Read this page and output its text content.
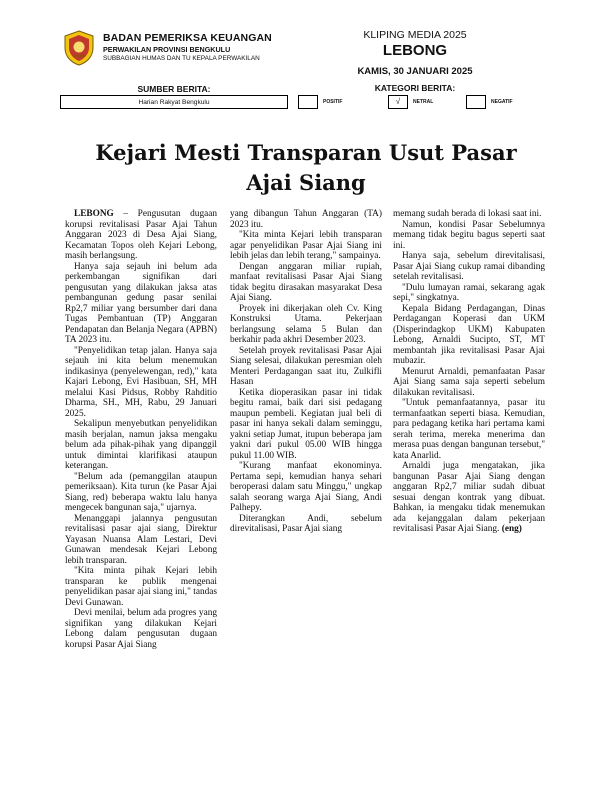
BADAN PEMERIKSA KEUANGAN
PERWAKILAN PROVINSI BENGKULU
SUBBAGIAN HUMAS DAN TU KEPALA PERWAKILAN
KLIPING MEDIA 2025
LEBONG
KAMIS, 30 JANUARI 2025
SUMBER BERITA:
Harian Rakyat Bengkulu
KATEGORI BERITA:
POSITIF	√	NETRAL	NEGATIF
Kejari Mesti Transparan Usut Pasar Ajai Siang

LEBONG – Pengusutan dugaan korupsi revitalisasi Pasar Ajai Tahun Anggaran 2023 di Desa Ajai Siang, Kecamatan Topos oleh Kejari Lebong, masih berlangsung.

Hanya saja sejauh ini belum ada perkembangan signifikan dari pengusutan yang dilakukan jaksa atas pembangunan gedung pasar senilai Rp2,7 miliar yang bersumber dari dana Tugas Pembantuan (TP) Anggaran Pendapatan dan Belanja Negara (APBN) TA 2023 itu.

"Penyelidikan tetap jalan. Hanya saja sejauh ini kita belum menemukan indikasinya (penyelewengan, red)," kata Kajari Lebong, Evi Hasibuan, SH, MH melalui Kasi Pidsus, Robby Rahditio Dharma, SH., MH, Rabu, 29 Januari 2025.

Sekalipun menyebutkan penyelidikan masih berjalan, namun jaksa mengaku belum ada pihak-pihak yang dipanggil untuk dimintai klarifikasi ataupun keterangan.

"Belum ada (pemanggilan ataupun pemeriksaan). Kita turun (ke Pasar Ajai Siang, red) beberapa waktu lalu hanya mengecek bangunan saja," ujarnya.

Menanggapi jalannya pengusutan revitalisasi pasar ajai siang, Direktur Yayasan Nuansa Alam Lestari, Devi Gunawan mendesak Kejari Lebong lebih transparan.

"Kita minta pihak Kejari lebih transparan ke publik mengenai penyelidikan pasar ajai siang ini," tandas Devi Gunawan.

Devi menilai, belum ada progres yang signifikan yang dilakukan Kejari Lebong dalam pengusutan dugaan korupsi Pasar Ajai Siang

yang dibangun Tahun Anggaran (TA) 2023 itu.

"Kita minta Kejari lebih transparan agar penyelidikan Pasar Ajai Siang ini lebih jelas dan lebih terang," sampainya.

Dengan anggaran miliar rupiah, manfaat revitalisasi Pasar Ajai Siang tidak begitu dirasakan masyarakat Desa Ajai Siang.

Proyek ini dikerjakan oleh Cv. King Konstruksi Utama. Pekerjaan berlangsung selama 5 Bulan dan berkahir pada akhri Desember 2023.

Setelah proyek revitalisasi Pasar Ajai Siang selesai, dilakukan peresmian oleh Menteri Perdagangan saat itu, Zulkifli Hasan

Ketika dioperasikan pasar ini tidak begitu ramai, baik dari sisi pedagang maupun pembeli. Kegiatan jual beli di pasar ini hanya sekali dalam seminggu, yakni setiap Jumat, itupun beberapa jam yakni dari pukul 05.00 WIB hingga pukul 11.00 WIB.

"Kurang manfaat ekonominya. Pertama sepi, kemudian hanya sehari beroperasi dalam satu Minggu," ungkap salah seorang warga Ajai Siang, Andi Palhepy.

Diterangkan Andi, sebelum direvitalisasi, Pasar Ajai siang

memang sudah berada di lokasi saat ini.

Namun, kondisi Pasar Sebelumnya memang tidak begitu bagus seperti saat ini.

Hanya saja, sebelum direvitalisasi, Pasar Ajai Siang cukup ramai dibanding setelah revitalisasi.

"Dulu lumayan ramai, sekarang agak sepi," singkatnya.

Kepala Bidang Perdagangan, Dinas Perdagangan Koperasi dan UKM (Disperindagkop UKM) Kabupaten Lebong, Arnaldi Sucipto, ST, MT membantah jika revitalisasi Pasar Ajai mubazir.

Menurut Arnaldi, pemanfaatan Pasar Ajai Siang sama saja seperti sebelum dilakukan revitalisasi.

"Untuk pemanfaatannya, pasar itu termanfaatkan seperti biasa. Kemudian, para pedagang ketika hari pertama kami serah terima, mereka menerima dan merasa puas dengan bangunan tersebut," kata Anarlid.

Arnaldi juga mengatakan, jika bangunan Pasar Ajai Siang dengan anggaran Rp2,7 miliar sudah dibuat sesuai dengan kontrak yang dibuat. Bahkan, ia mengaku tidak menemukan ada kejanggalan dalam pekerjaan revitalisasi Pasar Ajai Siang. (eng)
